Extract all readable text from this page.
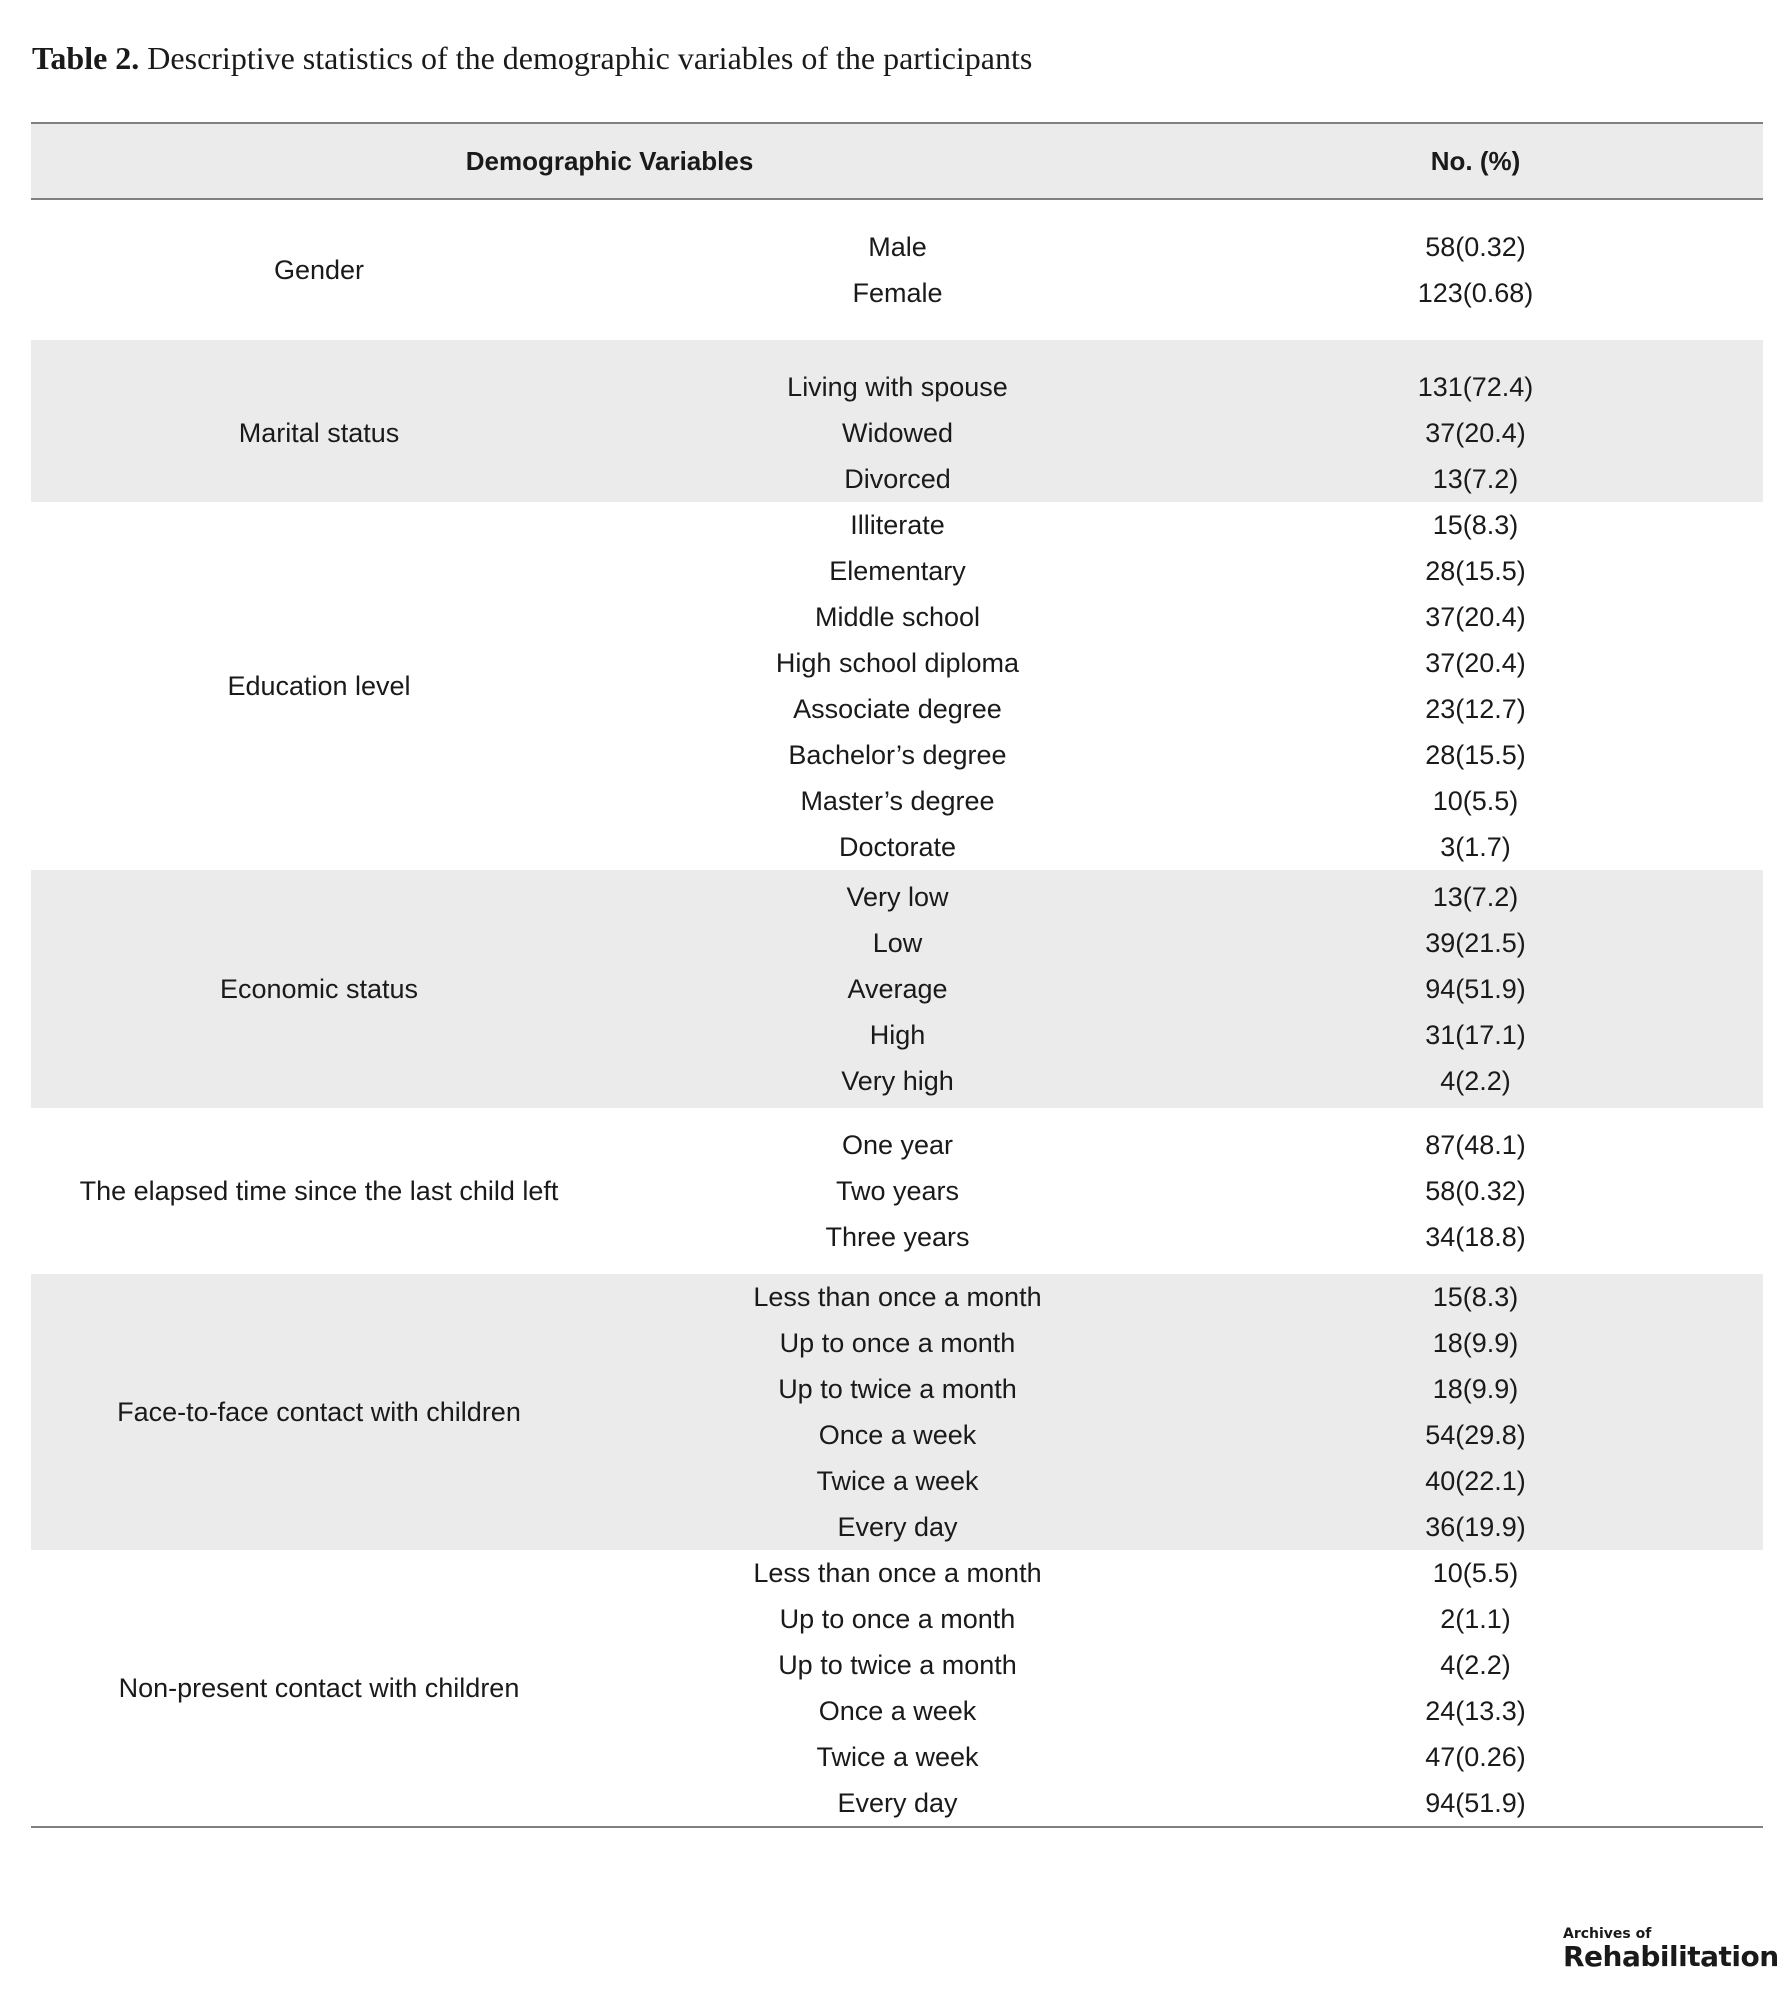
Table 2. Descriptive statistics of the demographic variables of the participants
Demographic Variables	No. (%)
Gender
Male	58(0.32)
Female	123(0.68)
Marital status
Living with spouse	131(72.4)
Widowed	37(20.4)
Divorced	13(7.2)
Education level
Illiterate	15(8.3)
Elementary	28(15.5)
Middle school	37(20.4)
High school diploma	37(20.4)
Associate degree	23(12.7)
Bachelor’s degree	28(15.5)
Master’s degree	10(5.5)
Doctorate	3(1.7)
Economic status
Very low	13(7.2)
Low	39(21.5)
Average	94(51.9)
High	31(17.1)
Very high	4(2.2)
The elapsed time since the last child left
One year	87(48.1)
Two years	58(0.32)
Three years	34(18.8)
Face-to-face contact with children
Less than once a month	15(8.3)
Up to once a month	18(9.9)
Up to twice a month	18(9.9)
Once a week	54(29.8)
Twice a week	40(22.1)
Every day	36(19.9)
Non-present contact with children
Less than once a month	10(5.5)
Up to once a month	2(1.1)
Up to twice a month	4(2.2)
Once a week	24(13.3)
Twice a week	47(0.26)
Every day	94(51.9)
Archives of
Rehabilitation
